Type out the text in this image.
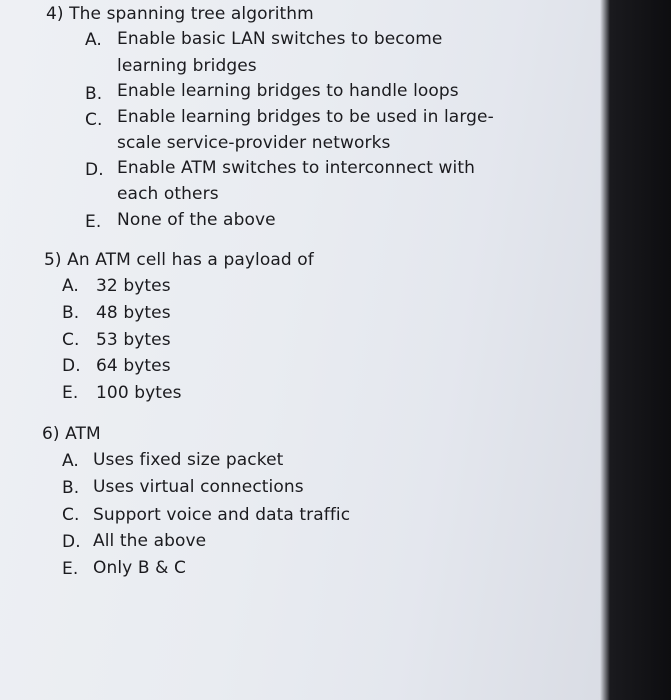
4) The spanning tree algorithm
A. Enable basic LAN switches to become
learning bridges
B. Enable learning bridges to handle loops
C. Enable learning bridges to be used in large-
scale service-provider networks
D. Enable ATM switches to interconnect with
each others
E. None of the above
5) An ATM cell has a payload of
A. 32 bytes
B. 48 bytes
C. 53 bytes
D. 64 bytes
E. 100 bytes
6) ATM
A. Uses fixed size packet
B. Uses virtual connections
C. Support voice and data traffic
D. All the above
E. Only B & C
